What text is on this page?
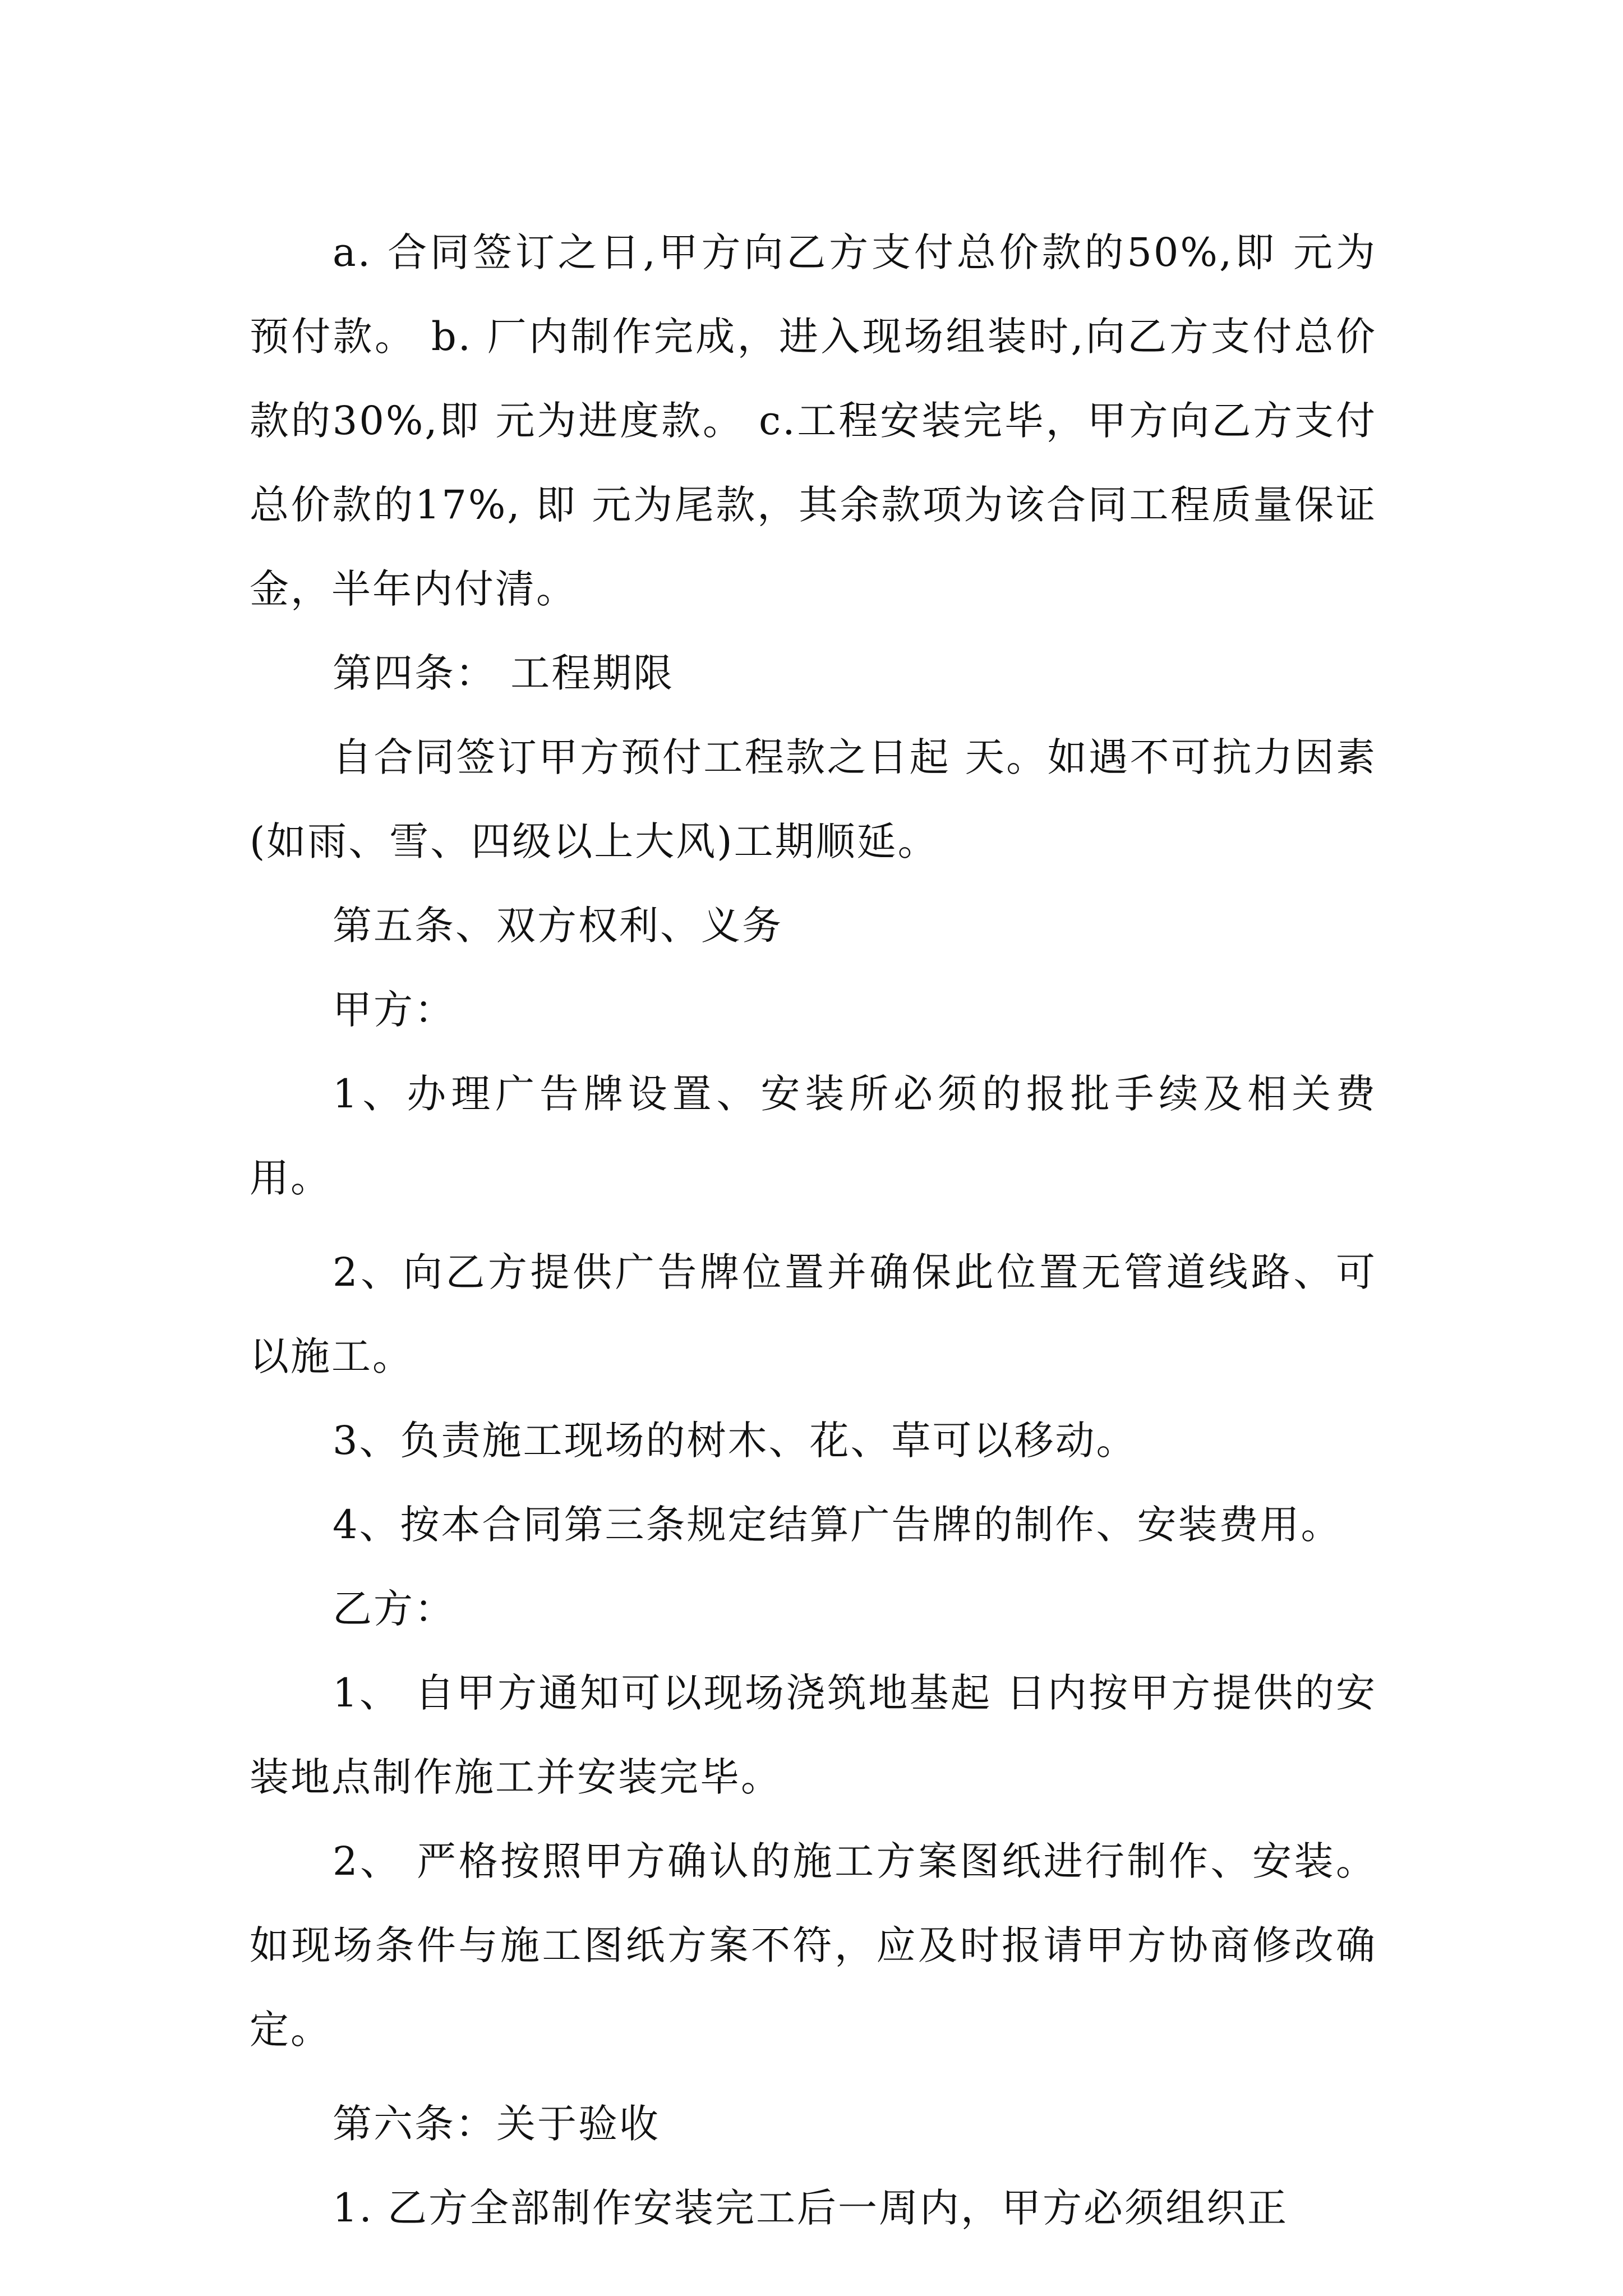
a. 合同签订之日,甲方向乙方支付总价款的50%,即 元为预付款。 b. 厂内制作完成，进入现场组装时,向乙方支付总价款的30%,即 元为进度款。 c.工程安装完毕，甲方向乙方支付总价款的17%, 即 元为尾款，其余款项为该合同工程质量保证金，半年内付清。

第四条： 工程期限

自合同签订甲方预付工程款之日起 天。如遇不可抗力因素(如雨、雪、四级以上大风)工期顺延。

第五条、双方权利、义务

甲方：

1、办理广告牌设置、安装所必须的报批手续及相关费用。

2、向乙方提供广告牌位置并确保此位置无管道线路、可以施工。

3、负责施工现场的树木、花、草可以移动。

4、按本合同第三条规定结算广告牌的制作、安装费用。

乙方：

1、 自甲方通知可以现场浇筑地基起 日内按甲方提供的安装地点制作施工并安装完毕。

2、 严格按照甲方确认的施工方案图纸进行制作、安装。如现场条件与施工图纸方案不符，应及时报请甲方协商修改确定。

第六条：关于验收

1. 乙方全部制作安装完工后一周内，甲方必须组织正
